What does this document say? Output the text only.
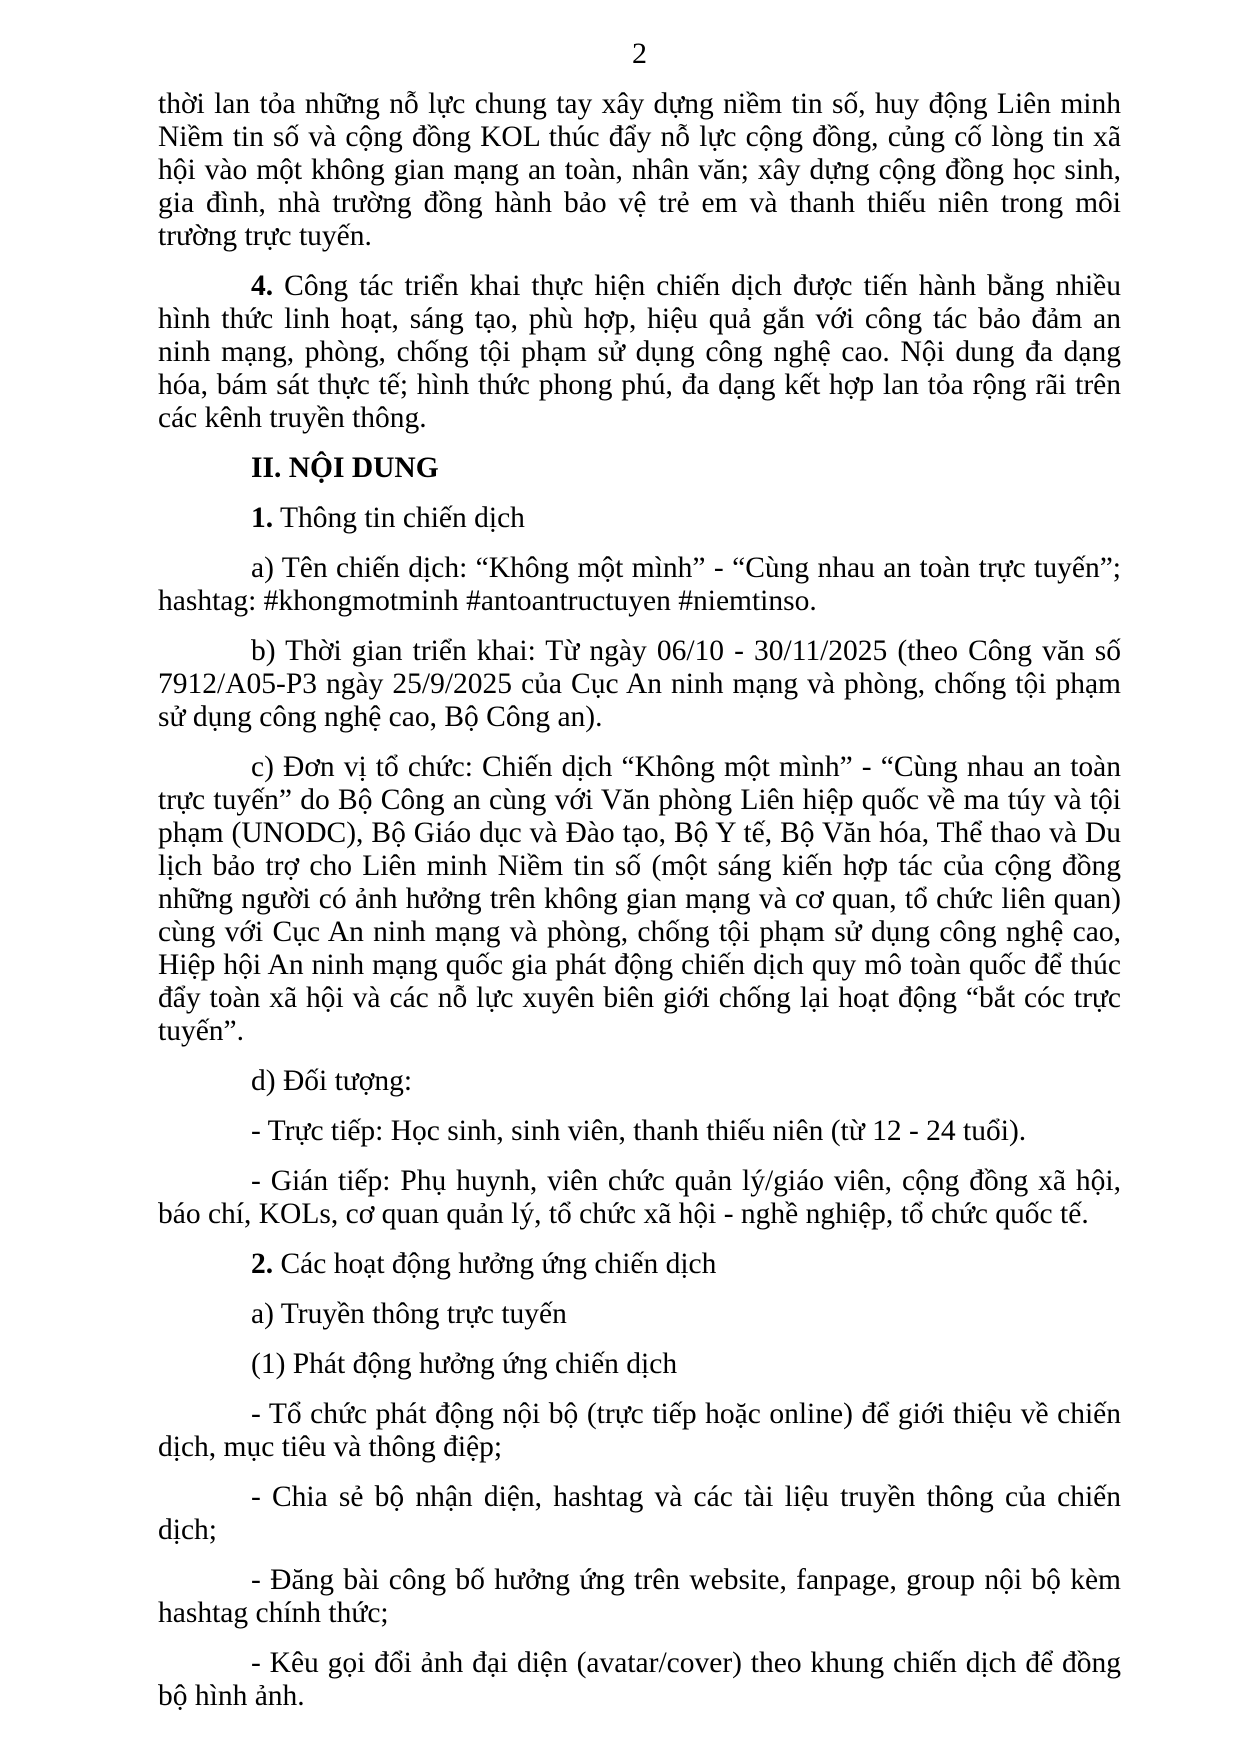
2

thời lan tỏa những nỗ lực chung tay xây dựng niềm tin số, huy động Liên minh Niềm tin số và cộng đồng KOL thúc đẩy nỗ lực cộng đồng, củng cố lòng tin xã hội vào một không gian mạng an toàn, nhân văn; xây dựng cộng đồng học sinh, gia đình, nhà trường đồng hành bảo vệ trẻ em và thanh thiếu niên trong môi trường trực tuyến.

4. Công tác triển khai thực hiện chiến dịch được tiến hành bằng nhiều hình thức linh hoạt, sáng tạo, phù hợp, hiệu quả gắn với công tác bảo đảm an ninh mạng, phòng, chống tội phạm sử dụng công nghệ cao. Nội dung đa dạng hóa, bám sát thực tế; hình thức phong phú, đa dạng kết hợp lan tỏa rộng rãi trên các kênh truyền thông.

II. NỘI DUNG

1. Thông tin chiến dịch

a) Tên chiến dịch: “Không một mình” - “Cùng nhau an toàn trực tuyến”; hashtag: #khongmotminh #antoantructuyen #niemtinso.

b) Thời gian triển khai: Từ ngày 06/10 - 30/11/2025 (theo Công văn số 7912/A05-P3 ngày 25/9/2025 của Cục An ninh mạng và phòng, chống tội phạm sử dụng công nghệ cao, Bộ Công an).

c) Đơn vị tổ chức: Chiến dịch “Không một mình” - “Cùng nhau an toàn trực tuyến” do Bộ Công an cùng với Văn phòng Liên hiệp quốc về ma túy và tội phạm (UNODC), Bộ Giáo dục và Đào tạo, Bộ Y tế, Bộ Văn hóa, Thể thao và Du lịch bảo trợ cho Liên minh Niềm tin số (một sáng kiến hợp tác của cộng đồng những người có ảnh hưởng trên không gian mạng và cơ quan, tổ chức liên quan) cùng với Cục An ninh mạng và phòng, chống tội phạm sử dụng công nghệ cao, Hiệp hội An ninh mạng quốc gia phát động chiến dịch quy mô toàn quốc để thúc đẩy toàn xã hội và các nỗ lực xuyên biên giới chống lại hoạt động “bắt cóc trực tuyến”.

d) Đối tượng:

- Trực tiếp: Học sinh, sinh viên, thanh thiếu niên (từ 12 - 24 tuổi).

- Gián tiếp: Phụ huynh, viên chức quản lý/giáo viên, cộng đồng xã hội, báo chí, KOLs, cơ quan quản lý, tổ chức xã hội - nghề nghiệp, tổ chức quốc tế.

2. Các hoạt động hưởng ứng chiến dịch

a) Truyền thông trực tuyến

(1) Phát động hưởng ứng chiến dịch

- Tổ chức phát động nội bộ (trực tiếp hoặc online) để giới thiệu về chiến dịch, mục tiêu và thông điệp;

- Chia sẻ bộ nhận diện, hashtag và các tài liệu truyền thông của chiến dịch;

- Đăng bài công bố hưởng ứng trên website, fanpage, group nội bộ kèm hashtag chính thức;

- Kêu gọi đổi ảnh đại diện (avatar/cover) theo khung chiến dịch để đồng bộ hình ảnh.
